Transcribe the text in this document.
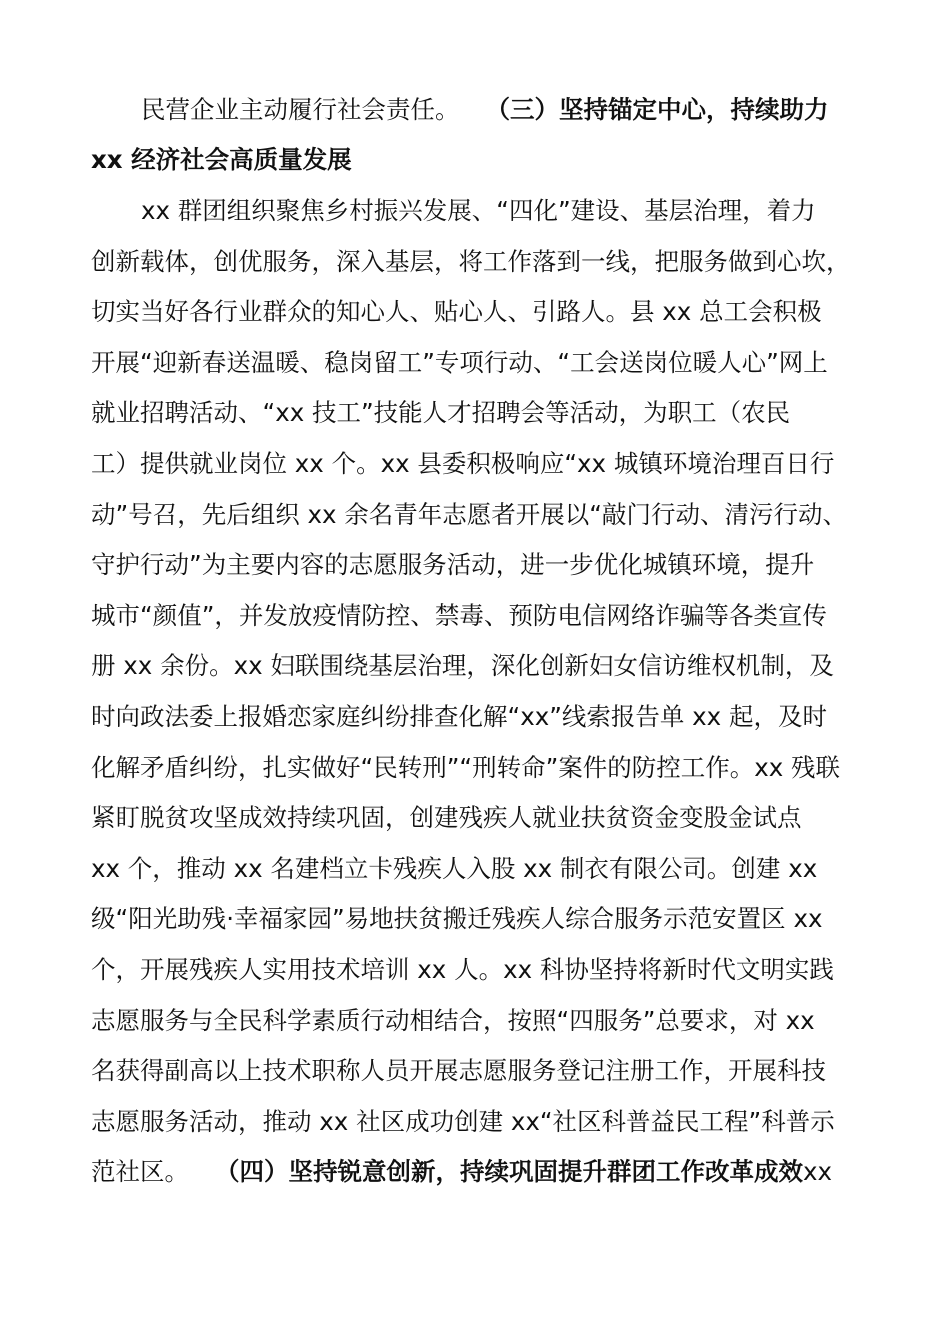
民营企业主动履行社会责任。 （三）坚持锚定中心，持续助力
xx 经济社会高质量发展
xx 群团组织聚焦乡村振兴发展、“四化”建设、基层治理，着力
创新载体，创优服务，深入基层，将工作落到一线，把服务做到心坎，
切实当好各行业群众的知心人、贴心人、引路人。县 xx 总工会积极
开展“迎新春送温暖、稳岗留工”专项行动、“工会送岗位暖人心”网上
就业招聘活动、“xx 技工”技能人才招聘会等活动，为职工（农民
工）提供就业岗位 xx 个。xx 县委积极响应“xx 城镇环境治理百日行
动”号召，先后组织 xx 余名青年志愿者开展以“敲门行动、清污行动、
守护行动”为主要内容的志愿服务活动，进一步优化城镇环境，提升
城市“颜值”，并发放疫情防控、禁毒、预防电信网络诈骗等各类宣传
册 xx 余份。xx 妇联围绕基层治理，深化创新妇女信访维权机制，及
时向政法委上报婚恋家庭纠纷排查化解“xx”线索报告单 xx 起，及时
化解矛盾纠纷，扎实做好“民转刑”“刑转命”案件的防控工作。xx 残联
紧盯脱贫攻坚成效持续巩固，创建残疾人就业扶贫资金变股金试点
xx 个，推动 xx 名建档立卡残疾人入股 xx 制衣有限公司。创建 xx
级“阳光助残·幸福家园”易地扶贫搬迁残疾人综合服务示范安置区 xx
个，开展残疾人实用技术培训 xx 人。xx 科协坚持将新时代文明实践
志愿服务与全民科学素质行动相结合，按照“四服务”总要求，对 xx
名获得副高以上技术职称人员开展志愿服务登记注册工作，开展科技
志愿服务活动，推动 xx 社区成功创建 xx“社区科普益民工程”科普示
范社区。 （四）坚持锐意创新，持续巩固提升群团工作改革成效xx
